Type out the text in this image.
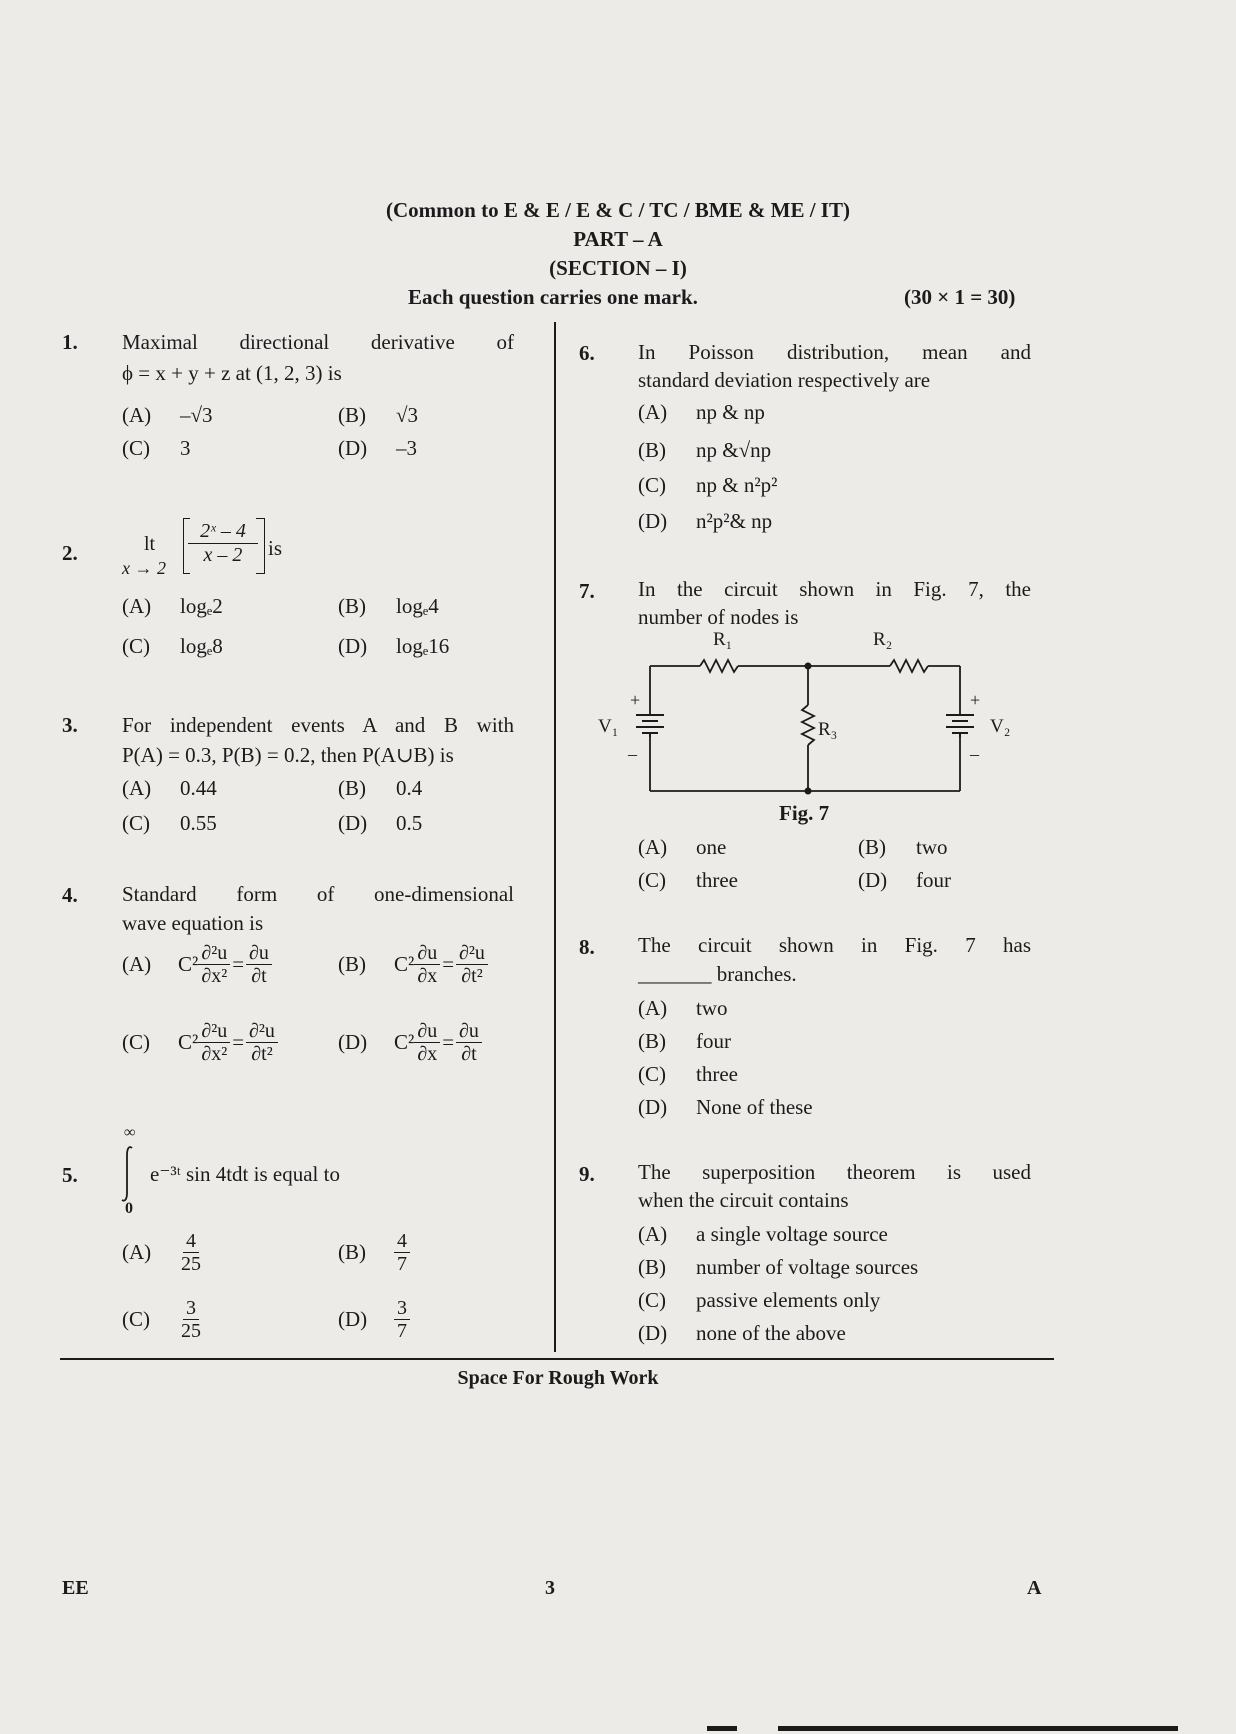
(Common to E & E / E & C / TC / BME & ME / IT)
PART – A
(SECTION – I)
Each question carries one mark.	(30 × 1 = 30)
1. Maximal directional derivative of
ϕ = x + y + z at (1, 2, 3) is
(A) –√3	(B) √3
(C) 3	(D) –3
2.	lt
x → 2
2ˣ – 4
x – 2	is
(A) logₑ2	(B) logₑ4
(C) logₑ8	(D) logₑ16
3. For independent events A and B with
P(A) = 0.3, P(B) = 0.2, then P(A∪B) is
(A) 0.44	(B) 0.4
(C) 0.55	(D) 0.5
4. Standard form of one-dimensional
wave equation is
(A)	$C^2 \frac{\text{∂²u}}{\text{∂x²}} = \frac{\partial u}{\partial t}$	(B)	$C^2 \frac{\partial u}{\partial x} = \frac{\text{∂²u}}{\text{∂t²}}$
(C)	$C^2 \frac{\text{∂²u}}{\text{∂x²}} = \frac{\text{∂²u}}{\text{∂t²}}$	(D)	$C^2 \frac{\partial u}{\partial x} = \frac{\partial u}{\partial t}$
5.
∞
0
e⁻³ᵗ sin 4tdt is equal to
(A)	$\frac{4}{25}$	(B)	$\frac{4}{7}$
(C)	$\frac{3}{25}$	(D)	$\frac{3}{7}$
6. In Poisson distribution, mean and
standard deviation respectively are
(A) np & np
(B) np &√np
(C) np & n²p²
(D) n²p²& np
7. In the circuit shown in Fig. 7, the
number of nodes is
R₁	R₂
R₃
V₁	V₂
+
–
+
–
Fig. 7
(A) one	(B) two
(C) three	(D) four
8. The circuit shown in Fig. 7 has
_______ branches.
(A) two
(B) four
(C) three
(D) None of these
9. The superposition theorem is used
when the circuit contains
(A) a single voltage source
(B) number of voltage sources
(C) passive elements only
(D) none of the above
Space For Rough Work
EE	3	A
